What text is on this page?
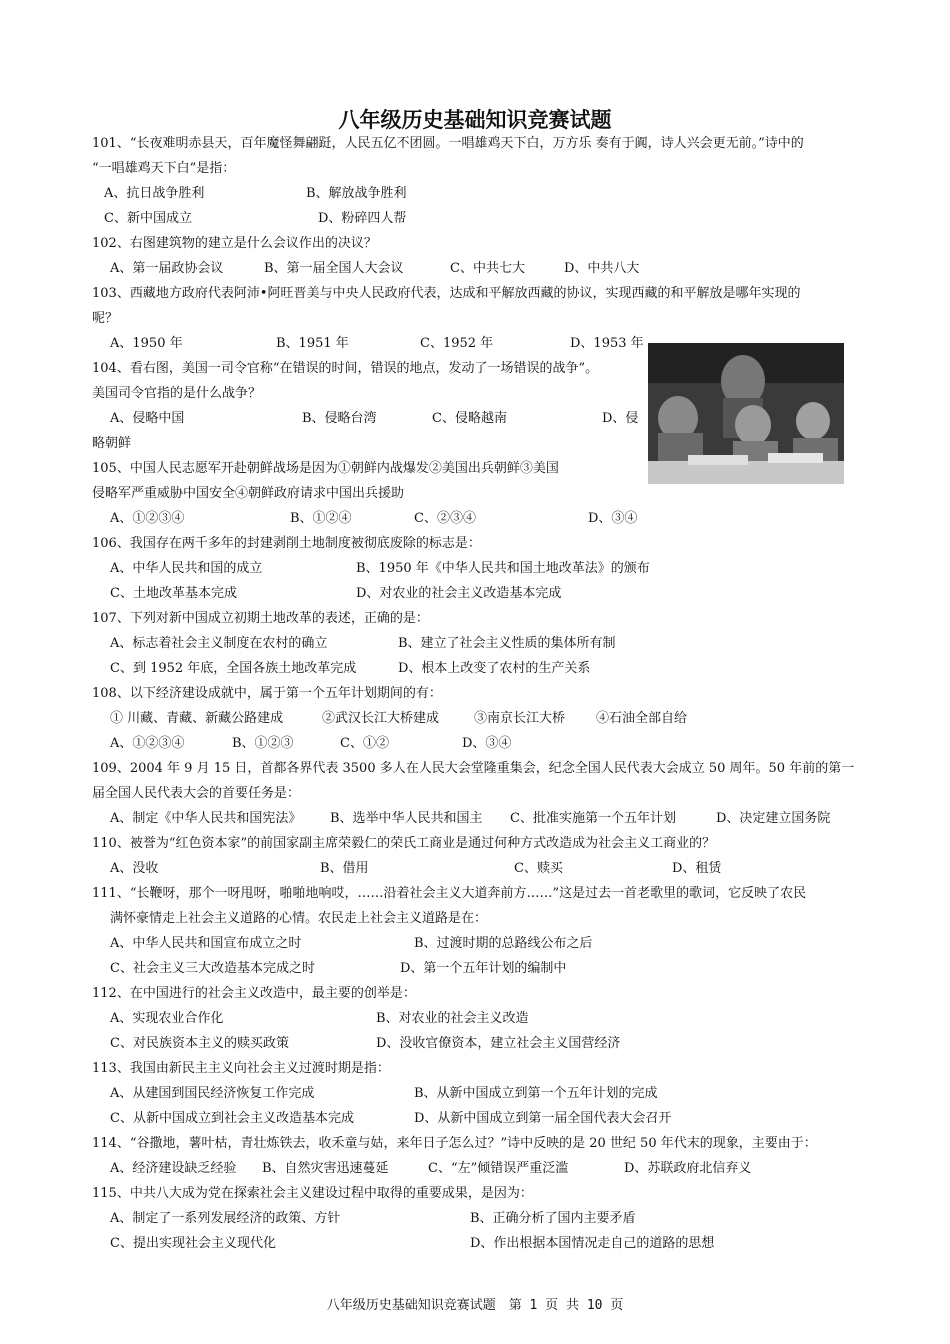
八年级历史基础知识竞赛试题
101、“长夜难明赤县天，百年魔怪舞翩跹，人民五亿不团圆。一唱雄鸡天下白，万方乐 奏有于阗，诗人兴会更无前。”诗中的
“一唱雄鸡天下白”是指：
A、抗日战争胜利	B、解放战争胜利
C、新中国成立	D、粉碎四人帮
102、右图建筑物的建立是什么会议作出的决议？
A、第一届政协会议	B、第一届全国人大会议	C、中共七大	D、中共八大
103、西藏地方政府代表阿沛•阿旺晋美与中央人民政府代表，达成和平解放西藏的协议，实现西藏的和平解放是哪年实现的
呢？
A、1950 年	B、1951 年	C、1952 年	D、1953 年
104、看右图，美国一司令官称“在错误的时间，错误的地点，发动了一场错误的战争”。
美国司令官指的是什么战争？
A、侵略中国	B、侵略台湾	C、侵略越南	D、侵
略朝鲜
105、中国人民志愿军开赴朝鲜战场是因为①朝鲜内战爆发②美国出兵朝鲜③美国
侵略军严重威胁中国安全④朝鲜政府请求中国出兵援助
A、①②③④	B、①②④	C、②③④	D、③④
106、我国存在两千多年的封建剥削土地制度被彻底废除的标志是：
A、中华人民共和国的成立	B、1950 年《中华人民共和国土地改革法》的颁布
C、土地改革基本完成	D、对农业的社会主义改造基本完成
107、下列对新中国成立初期土地改革的表述，正确的是：
A、标志着社会主义制度在农村的确立	B、建立了社会主义性质的集体所有制
C、到 1952 年底，全国各族土地改革完成	D、根本上改变了农村的生产关系
108、以下经济建设成就中，属于第一个五年计划期间的有：
① 川藏、青藏、新藏公路建成	②武汉长江大桥建成	③南京长江大桥 ④石油全部自给
A、①②③④	B、①②③	C、①②	D、③④
109、2004 年 9 月 15 日，首都各界代表 3500 多人在人民大会堂隆重集会，纪念全国人民代表大会成立 50 周年。50 年前的第一
届全国人民代表大会的首要任务是：
A、制定《中华人民共和国宪法》 B、选举中华人民共和国主 C、批准实施第一个五年计划	D、决定建立国务院
110、被誉为“红色资本家”的前国家副主席荣毅仁的荣氏工商业是通过何种方式改造成为社会主义工商业的？
A、没收	B、借用	C、赎买	D、租赁
111、“长鞭呀，那个一呀甩呀，啪啪地响哎，……沿着社会主义大道奔前方……”这是过去一首老歌里的歌词，它反映了农民
满怀豪情走上社会主义道路的心情。农民走上社会主义道路是在：
A、中华人民共和国宣布成立之时	B、过渡时期的总路线公布之后
C、社会主义三大改造基本完成之时	D、第一个五年计划的编制中
112、在中国进行的社会主义改造中，最主要的创举是：
A、实现农业合作化	B、对农业的社会主义改造
C、对民族资本主义的赎买政策	D、没收官僚资本，建立社会主义国营经济
113、我国由新民主主义向社会主义过渡时期是指：
A、从建国到国民经济恢复工作完成	B、从新中国成立到第一个五年计划的完成
C、从新中国成立到社会主义改造基本完成	D、从新中国成立到第一届全国代表大会召开
114、“谷撒地，薯叶枯，青壮炼铁去，收禾童与姑，来年日子怎么过？”诗中反映的是 20 世纪 50 年代末的现象，主要由于：
A、经济建设缺乏经验 B、自然灾害迅速蔓延	C、“左”倾错误严重泛滥	D、苏联政府北信弃义
115、中共八大成为党在探索社会主义建设过程中取得的重要成果，是因为：
A、制定了一系列发展经济的政策、方针	B、正确分析了国内主要矛盾
C、提出实现社会主义现代化	D、作出根据本国情况走自己的道路的思想
八年级历史基础知识竞赛试题　第 1 页 共 10 页
